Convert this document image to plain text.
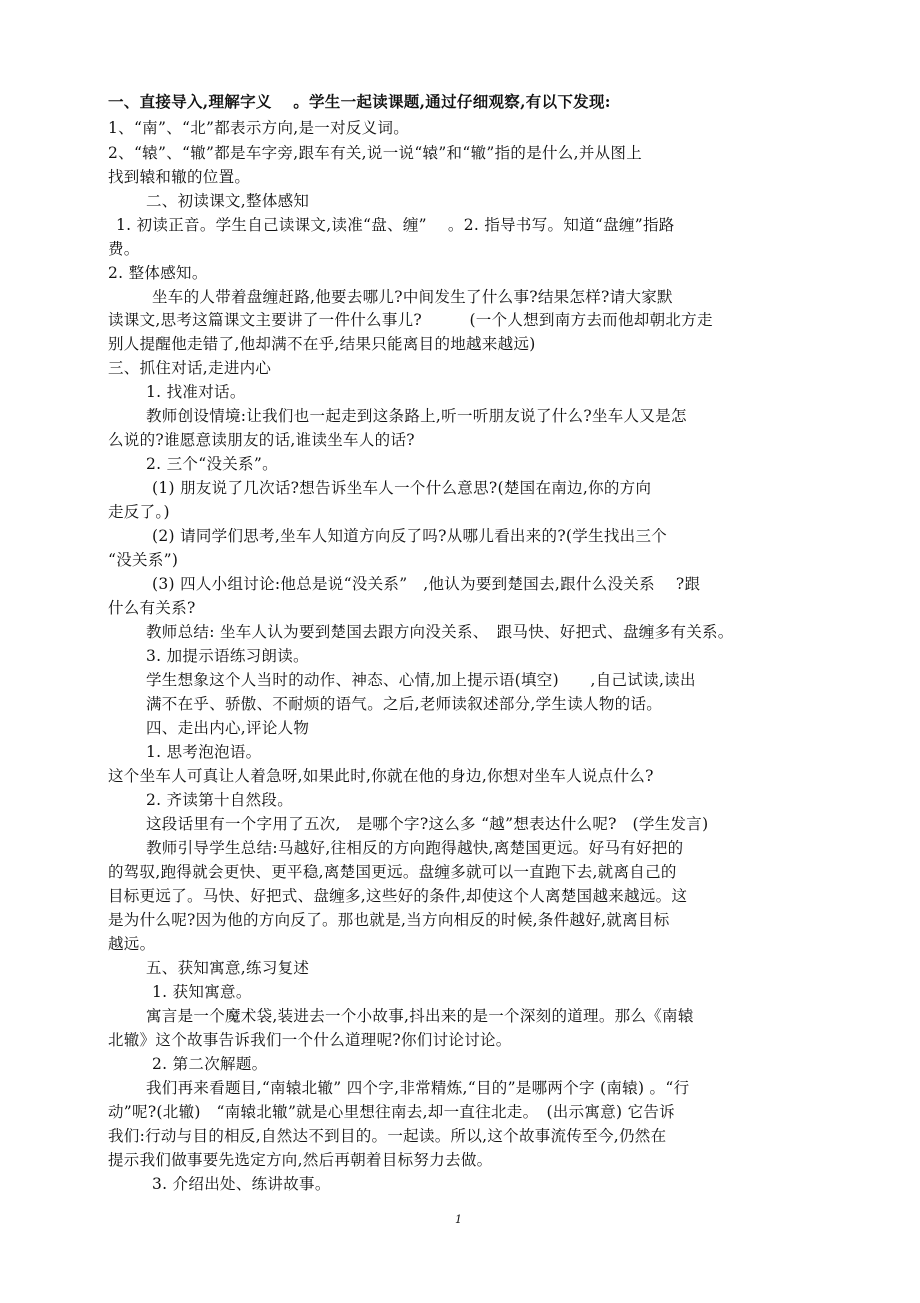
一、直接导入,理解字义　 。学生一起读课题,通过仔细观察,有以下发现:
1、“南”、“北”都表示方向,是一对反义词。
2、“辕”、“辙”都是车字旁,跟车有关,说一说“辕”和“辙”指的是什么,并从图上
找到辕和辙的位置。
二、初读课文,整体感知
1. 初读正音。学生自己读课文,读准“盘、缠”　 。2. 指导书写。知道“盘缠”指路
费。
2. 整体感知。
坐车的人带着盘缠赶路,他要去哪儿?中间发生了什么事?结果怎样?请大家默
读课文,思考这篇课文主要讲了一件什么事儿?　　　(一个人想到南方去而他却朝北方走
别人提醒他走错了,他却满不在乎,结果只能离目的地越来越远)
三、抓住对话,走进内心
1. 找准对话。
教师创设情境:让我们也一起走到这条路上,听一听朋友说了什么?坐车人又是怎
么说的?谁愿意读朋友的话,谁读坐车人的话?
2. 三个“没关系”。
(1) 朋友说了几次话?想告诉坐车人一个什么意思?(楚国在南边,你的方向
走反了。)
(2) 请同学们思考,坐车人知道方向反了吗?从哪儿看出来的?(学生找出三个
“没关系”)
(3) 四人小组讨论:他总是说“没关系”　,他认为要到楚国去,跟什么没关系　 ?跟
什么有关系?
教师总结: 坐车人认为要到楚国去跟方向没关系、　跟马快、好把式、盘缠多有关系。
3. 加提示语练习朗读。
学生想象这个人当时的动作、神态、心情,加上提示语(填空)　　,自己试读,读出
满不在乎、骄傲、不耐烦的语气。之后,老师读叙述部分,学生读人物的话。
四、走出内心,评论人物
1. 思考泡泡语。
这个坐车人可真让人着急呀,如果此时,你就在他的身边,你想对坐车人说点什么?
2. 齐读第十自然段。
这段话里有一个字用了五次,　是哪个字?这么多 “越”想表达什么呢?　(学生发言)
教师引导学生总结:马越好,往相反的方向跑得越快,离楚国更远。好马有好把的
的驾驭,跑得就会更快、更平稳,离楚国更远。盘缠多就可以一直跑下去,就离自己的
目标更远了。马快、好把式、盘缠多,这些好的条件,却使这个人离楚国越来越远。这
是为什么呢?因为他的方向反了。那也就是,当方向相反的时候,条件越好,就离目标
越远。
五、获知寓意,练习复述
1. 获知寓意。
寓言是一个魔术袋,装进去一个小故事,抖出来的是一个深刻的道理。那么《南辕
北辙》这个故事告诉我们一个什么道理呢?你们讨论讨论。
2. 第二次解题。
我们再来看题目,“南辕北辙” 四个字,非常精炼,“目的”是哪两个字 (南辕) 。“行
动”呢?(北辙)　“南辕北辙”就是心里想往南去,却一直往北走。　(出示寓意) 它告诉
我们:行动与目的相反,自然达不到目的。一起读。所以,这个故事流传至今,仍然在
提示我们做事要先选定方向,然后再朝着目标努力去做。
3. 介绍出处、练讲故事。
1
